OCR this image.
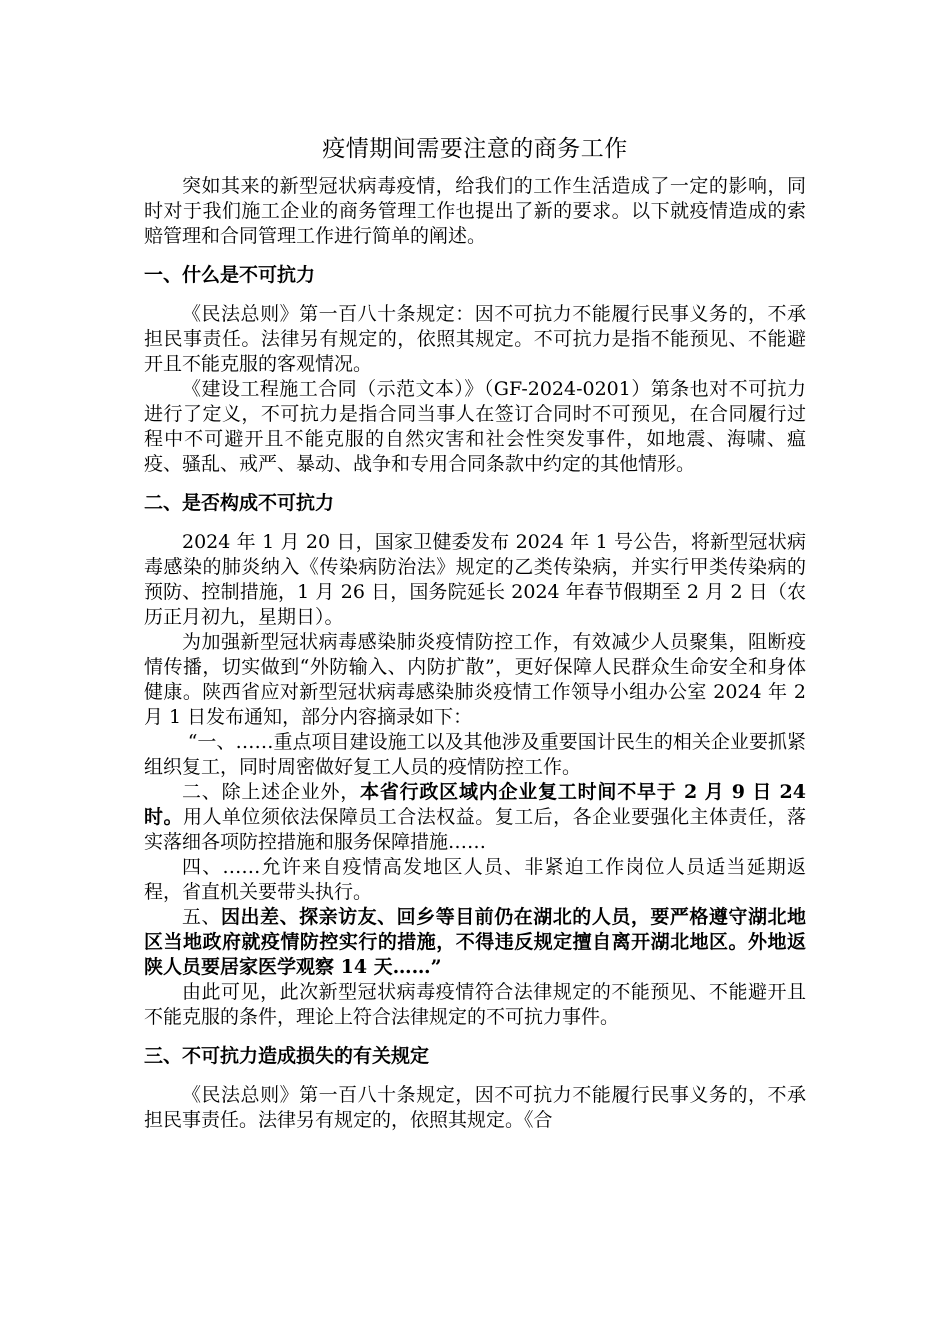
疫情期间需要注意的商务工作

突如其来的新型冠状病毒疫情，给我们的工作生活造成了一定的影响，同时对于我们施工企业的商务管理工作也提出了新的要求。以下就疫情造成的索赔管理和合同管理工作进行简单的阐述。

一、什么是不可抗力

《民法总则》第一百八十条规定：因不可抗力不能履行民事义务的，不承担民事责任。法律另有规定的，依照其规定。不可抗力是指不能预见、不能避开且不能克服的客观情况。

《建设工程施工合同（示范文本）》（GF-2024-0201）第条也对不可抗力进行了定义，不可抗力是指合同当事人在签订合同时不可预见，在合同履行过程中不可避开且不能克服的自然灾害和社会性突发事件，如地震、海啸、瘟疫、骚乱、戒严、暴动、战争和专用合同条款中约定的其他情形。

二、是否构成不可抗力

2024 年 1 月 20 日，国家卫健委发布 2024 年 1 号公告，将新型冠状病毒感染的肺炎纳入《传染病防治法》规定的乙类传染病，并实行甲类传染病的预防、控制措施，1 月 26 日，国务院延长 2024 年春节假期至 2 月 2 日（农历正月初九，星期日）。

为加强新型冠状病毒感染肺炎疫情防控工作，有效减少人员聚集，阻断疫情传播，切实做到“外防输入、内防扩散”，更好保障人民群众生命安全和身体健康。陕西省应对新型冠状病毒感染肺炎疫情工作领导小组办公室 2024 年 2 月 1 日发布通知，部分内容摘录如下：

“一、……重点项目建设施工以及其他涉及重要国计民生的相关企业要抓紧组织复工，同时周密做好复工人员的疫情防控工作。

二、除上述企业外，本省行政区域内企业复工时间不早于 2 月 9 日 24 时。用人单位须依法保障员工合法权益。复工后，各企业要强化主体责任，落实落细各项防控措施和服务保障措施……

四、……允许来自疫情高发地区人员、非紧迫工作岗位人员适当延期返程，省直机关要带头执行。

五、因出差、探亲访友、回乡等目前仍在湖北的人员，要严格遵守湖北地区当地政府就疫情防控实行的措施，不得违反规定擅自离开湖北地区。外地返陕人员要居家医学观察 14 天……”

由此可见，此次新型冠状病毒疫情符合法律规定的不能预见、不能避开且不能克服的条件，理论上符合法律规定的不可抗力事件。

三、不可抗力造成损失的有关规定

《民法总则》第一百八十条规定，因不可抗力不能履行民事义务的，不承担民事责任。法律另有规定的，依照其规定。《合
